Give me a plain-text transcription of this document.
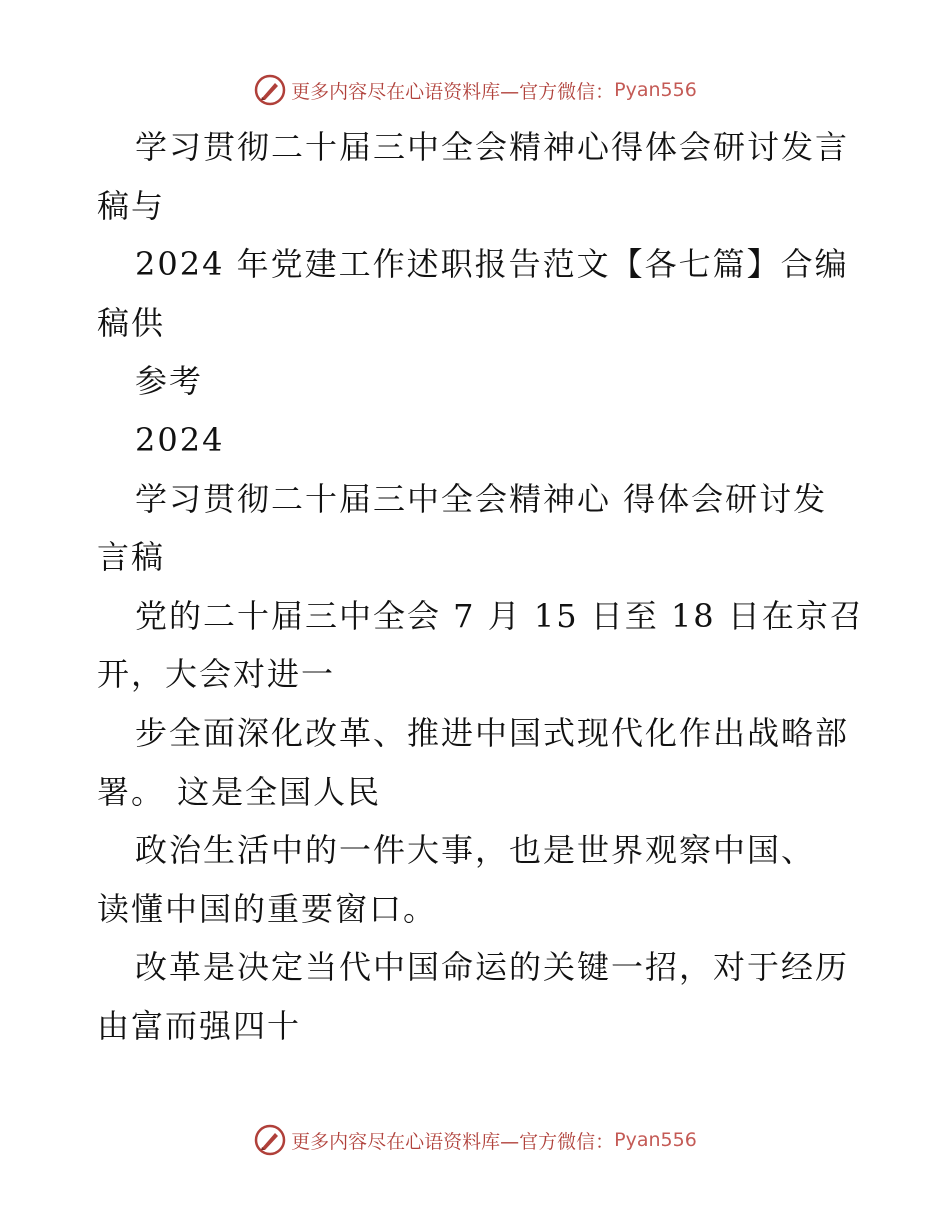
更多内容尽在心语资料库—官方微信： Pyan556
学习贯彻二十届三中全会精神心得体会研讨发言
稿与
2024 年党建工作述职报告范文【各七篇】合编
稿供
参考
2024
学习贯彻二十届三中全会精神心 得体会研讨发
言稿
党的二十届三中全会 7 月 15 日至 18 日在京召
开，大会对进一
步全面深化改革、推进中国式现代化作出战略部
署。 这是全国人民
政治生活中的一件大事，也是世界观察中国、
读懂中国的重要窗口。
改革是决定当代中国命运的关键一招，对于经历
由富而强四十
更多内容尽在心语资料库—官方微信： Pyan556
